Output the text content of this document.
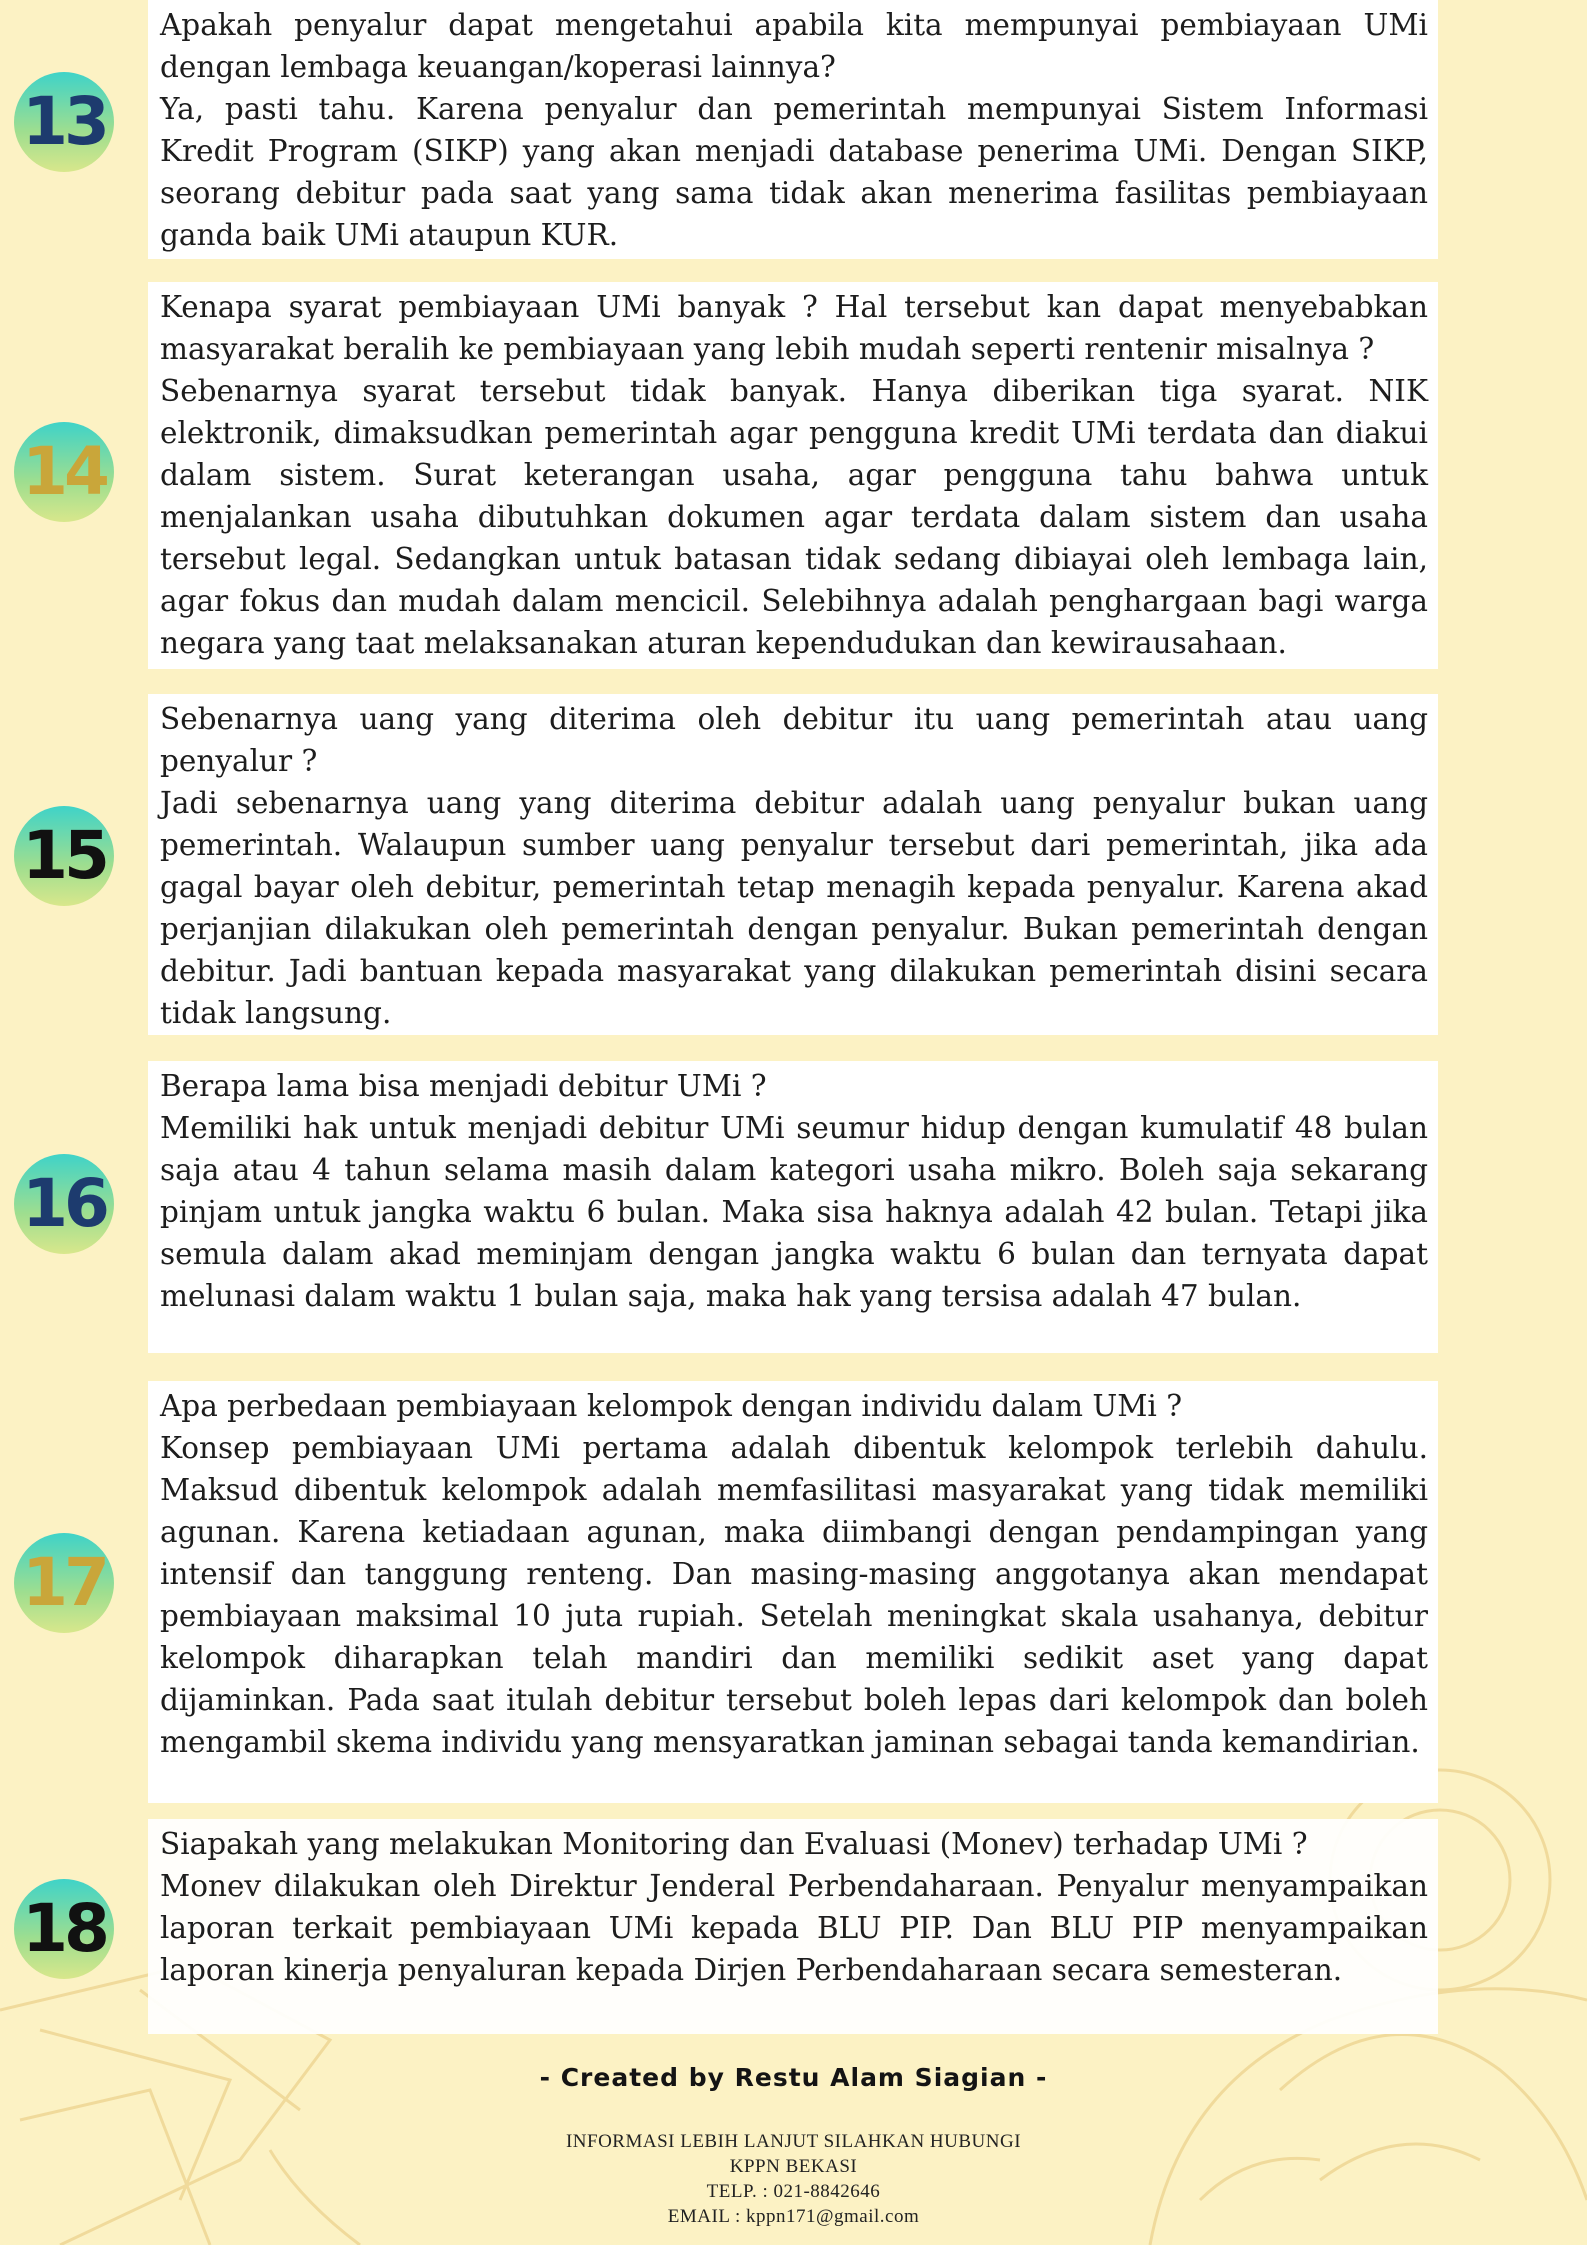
13

Apakah penyalur dapat mengetahui apabila kita mempunyai pembiayaan UMi dengan lembaga keuangan/koperasi lainnya?

Ya, pasti tahu. Karena penyalur dan pemerintah mempunyai Sistem Informasi Kredit Program (SIKP) yang akan menjadi database penerima UMi. Dengan SIKP, seorang debitur pada saat yang sama tidak akan menerima fasilitas pembiayaan ganda baik UMi ataupun KUR.

14

Kenapa syarat pembiayaan UMi banyak ? Hal tersebut kan dapat menyebabkan masyarakat beralih ke pembiayaan yang lebih mudah seperti rentenir misalnya ?

Sebenarnya syarat tersebut tidak banyak. Hanya diberikan tiga syarat. NIK elektronik, dimaksudkan pemerintah agar pengguna kredit UMi terdata dan diakui dalam sistem. Surat keterangan usaha, agar pengguna tahu bahwa untuk menjalankan usaha dibutuhkan dokumen agar terdata dalam sistem dan usaha tersebut legal. Sedangkan untuk batasan tidak sedang dibiayai oleh lembaga lain, agar fokus dan mudah dalam mencicil. Selebihnya adalah penghargaan bagi warga negara yang taat melaksanakan aturan kependudukan dan kewirausahaan.

15

Sebenarnya uang yang diterima oleh debitur itu uang pemerintah atau uang penyalur ?

Jadi sebenarnya uang yang diterima debitur adalah uang penyalur bukan uang pemerintah. Walaupun sumber uang penyalur tersebut dari pemerintah, jika ada gagal bayar oleh debitur, pemerintah tetap menagih kepada penyalur. Karena akad perjanjian dilakukan oleh pemerintah dengan penyalur. Bukan pemerintah dengan debitur. Jadi bantuan kepada masyarakat yang dilakukan pemerintah disini secara tidak langsung.

16

Berapa lama bisa menjadi debitur UMi ?

Memiliki hak untuk menjadi debitur UMi seumur hidup dengan kumulatif 48 bulan saja atau 4 tahun selama masih dalam kategori usaha mikro. Boleh saja sekarang pinjam untuk jangka waktu 6 bulan. Maka sisa haknya adalah 42 bulan. Tetapi jika semula dalam akad meminjam dengan jangka waktu 6 bulan dan ternyata dapat melunasi dalam waktu 1 bulan saja, maka hak yang tersisa adalah 47 bulan.

17

Apa perbedaan pembiayaan kelompok dengan individu dalam UMi ?

Konsep pembiayaan UMi pertama adalah dibentuk kelompok terlebih dahulu. Maksud dibentuk kelompok adalah memfasilitasi masyarakat yang tidak memiliki agunan. Karena ketiadaan agunan, maka diimbangi dengan pendampingan yang intensif dan tanggung renteng. Dan masing-masing anggotanya akan mendapat pembiayaan maksimal 10 juta rupiah. Setelah meningkat skala usahanya, debitur kelompok diharapkan telah mandiri dan memiliki sedikit aset yang dapat dijaminkan. Pada saat itulah debitur tersebut boleh lepas dari kelompok dan boleh mengambil skema individu yang mensyaratkan jaminan sebagai tanda kemandirian.

18

Siapakah yang melakukan Monitoring dan Evaluasi (Monev) terhadap UMi ?

Monev dilakukan oleh Direktur Jenderal Perbendaharaan. Penyalur menyampaikan laporan terkait pembiayaan UMi kepada BLU PIP. Dan BLU PIP menyampaikan laporan kinerja penyaluran kepada Dirjen Perbendaharaan secara semesteran.

- Created by Restu Alam Siagian -
INFORMASI LEBIH LANJUT SILAHKAN HUBUNGI
KPPN BEKASI
TELP. : 021-8842646
EMAIL : kppn171@gmail.com
